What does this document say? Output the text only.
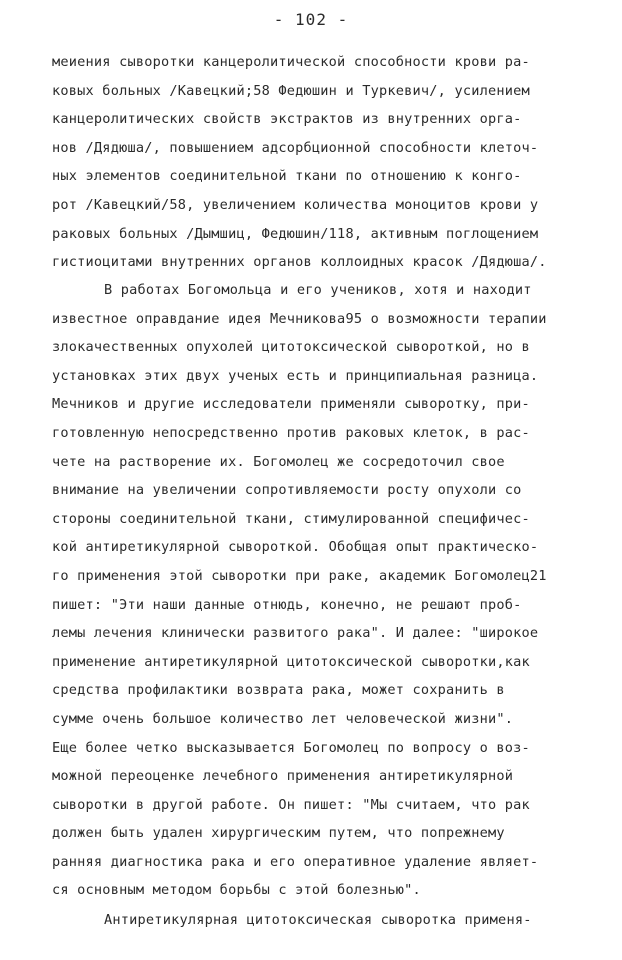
- 102 -
меиения сыворотки канцеролитической способности крови ра-
ковых больных /Кавецкий;58 Федюшин и Туркевич/, усилением
канцеролитических свойств экстрактов из внутренних орга-
нов /Дядюша/, повышением адсорбционной способности клеточ-
ных элементов соединительной ткани по отношению к конго-
рот /Кавецкий/58, увеличением количества моноцитов крови у
раковых больных /Дымшиц, Федюшин/118, активным поглощением
гистиоцитами внутренних органов коллоидных красок /Дядюша/.
В работах Богомольца и его учеников, хотя и находит
известное оправдание идея Мечникова95 о возможности терапии
злокачественных опухолей цитотоксической сывороткой, но в
установках этих двух ученых есть и принципиальная разница.
Мечников и другие исследователи применяли сыворотку, при-
готовленную непосредственно против раковых клеток, в рас-
чете на растворение их. Богомолец же сосредоточил свое
внимание на увеличении сопротивляемости росту опухоли со
стороны соединительной ткани, стимулированной специфичес-
кой антиретикулярной сывороткой. Обобщая опыт практическо-
го применения этой сыворотки при раке, академик Богомолец21
пишет: "Эти наши данные отнюдь, конечно, не решают проб-
лемы лечения клинически развитого рака". И далее: "широкое
применение антиретикулярной цитотоксической сыворотки,как
средства профилактики возврата рака, может сохранить в
сумме очень большое количество лет человеческой жизни".
Еще более четко высказывается Богомолец по вопросу о воз-
можной переоценке лечебного применения антиретикулярной
сыворотки в другой работе. Он пишет: "Мы считаем, что рак
должен быть удален хирургическим путем, что попрежнему
ранняя диагностика рака и его оперативное удаление являет-
ся основным методом борьбы с этой болезнью".
Антиретикулярная цитотоксическая сыворотка применя-
